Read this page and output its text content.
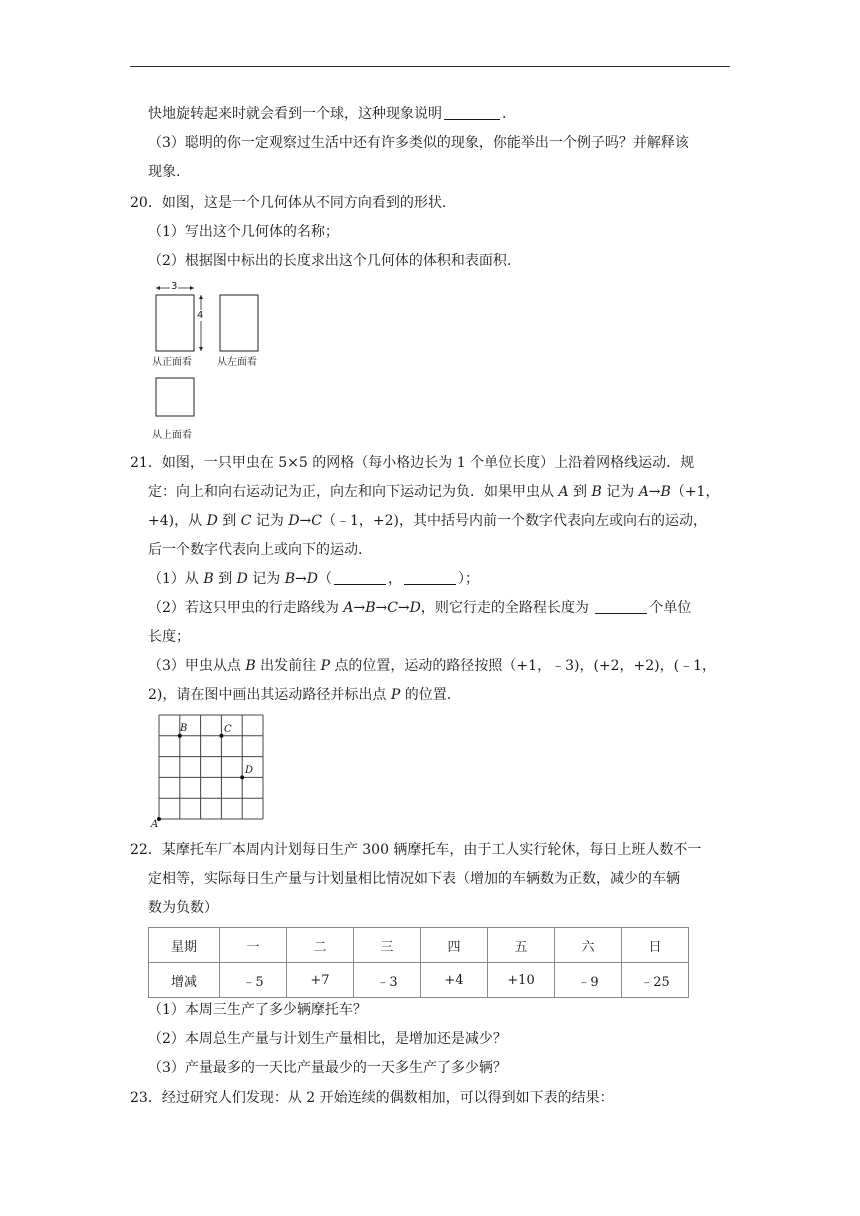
快地旋转起来时就会看到一个球，这种现象说明	.
（3）聪明的你一定观察过生活中还有许多类似的现象，你能举出一个例子吗？并解释该
现象.
20．如图，这是一个几何体从不同方向看到的形状.
（1）写出这个几何体的名称；
（2）根据图中标出的长度求出这个几何体的体积和表面积.
3
4
从正面看	从左面看
从上面看
21．如图，一只甲虫在 5×5 的网格（每小格边长为 1 个单位长度）上沿着网格线运动．规
定：向上和向右运动记为正，向左和向下运动记为负．如果甲虫从 A 到 B 记为 A→B（+1，
+4)，从 D 到 C 记为 D→C（﹣1，+2)，其中括号内前一个数字代表向左或向右的运动，
后一个数字代表向上或向下的运动.
（1）从 B 到 D 记为 B→D（	，	）；
（2）若这只甲虫的行走路线为 A→B→C→D，则它行走的全路程长度为	个单位
长度；
（3）甲虫从点 B 出发前往 P 点的位置，运动的路径按照（+1，﹣3)，(+2，+2)，(﹣1，
2)，请在图中画出其运动路径并标出点 P 的位置.
A
B	C
D
22．某摩托车厂本周内计划每日生产 300 辆摩托车，由于工人实行轮休，每日上班人数不一
定相等，实际每日生产量与计划量相比情况如下表（增加的车辆数为正数，减少的车辆
数为负数）
星期	一	二	三	四	五	六	日
增减	﹣5	+7	﹣3	+4	+10	﹣9	﹣25
（1）本周三生产了多少辆摩托车？
（2）本周总生产量与计划生产量相比，是增加还是减少？
（3）产量最多的一天比产量最少的一天多生产了多少辆？
23．经过研究人们发现：从 2 开始连续的偶数相加，可以得到如下表的结果：
